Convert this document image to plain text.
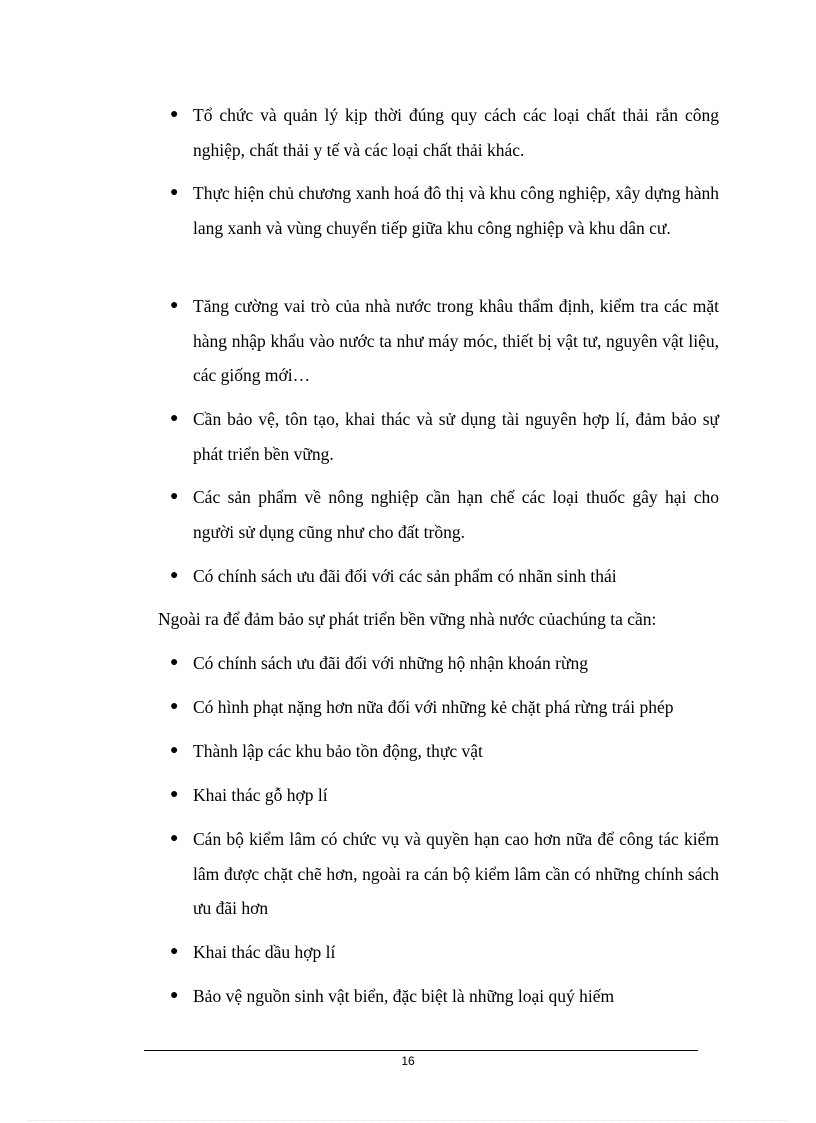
● Tổ chức và quản lý kịp thời đúng quy cách các loại chất thải rắn công nghiệp, chất thải y tế và các loại chất thải khác.
● Thực hiện chủ chương xanh hoá đô thị và khu công nghiệp, xây dựng hành lang xanh và vùng chuyển tiếp giữa khu công nghiệp và khu dân cư.
● Tăng cường vai trò của nhà nước trong khâu thẩm định, kiểm tra các mặt hàng nhập khẩu vào nước ta như máy móc, thiết bị vật tư, nguyên vật liệu, các giống mới…
● Cần bảo vệ, tôn tạo, khai thác và sử dụng tài nguyên hợp lí, đảm bảo sự phát triển bền vững.
● Các sản phẩm về nông nghiệp cần hạn chế các loại thuốc gây hại cho người sử dụng cũng như cho đất trồng.
● Có chính sách ưu đãi đối với các sản phẩm có nhãn sinh thái

Ngoài ra để đảm bảo sự phát triển bền vững nhà nước củachúng ta cần:

● Có chính sách ưu đãi đối với những hộ nhận khoán rừng
● Có hình phạt nặng hơn nữa đối với những kẻ chặt phá rừng trái phép
● Thành lập các khu bảo tồn động, thực vật
● Khai thác gỗ hợp lí
● Cán bộ kiểm lâm có chức vụ và quyền hạn cao hơn nữa để công tác kiểm lâm được chặt chẽ hơn, ngoài ra cán bộ kiểm lâm cần có những chính sách ưu đãi hơn
● Khai thác dầu hợp lí
● Bảo vệ nguồn sinh vật biển, đặc biệt là những loại quý hiếm
16
